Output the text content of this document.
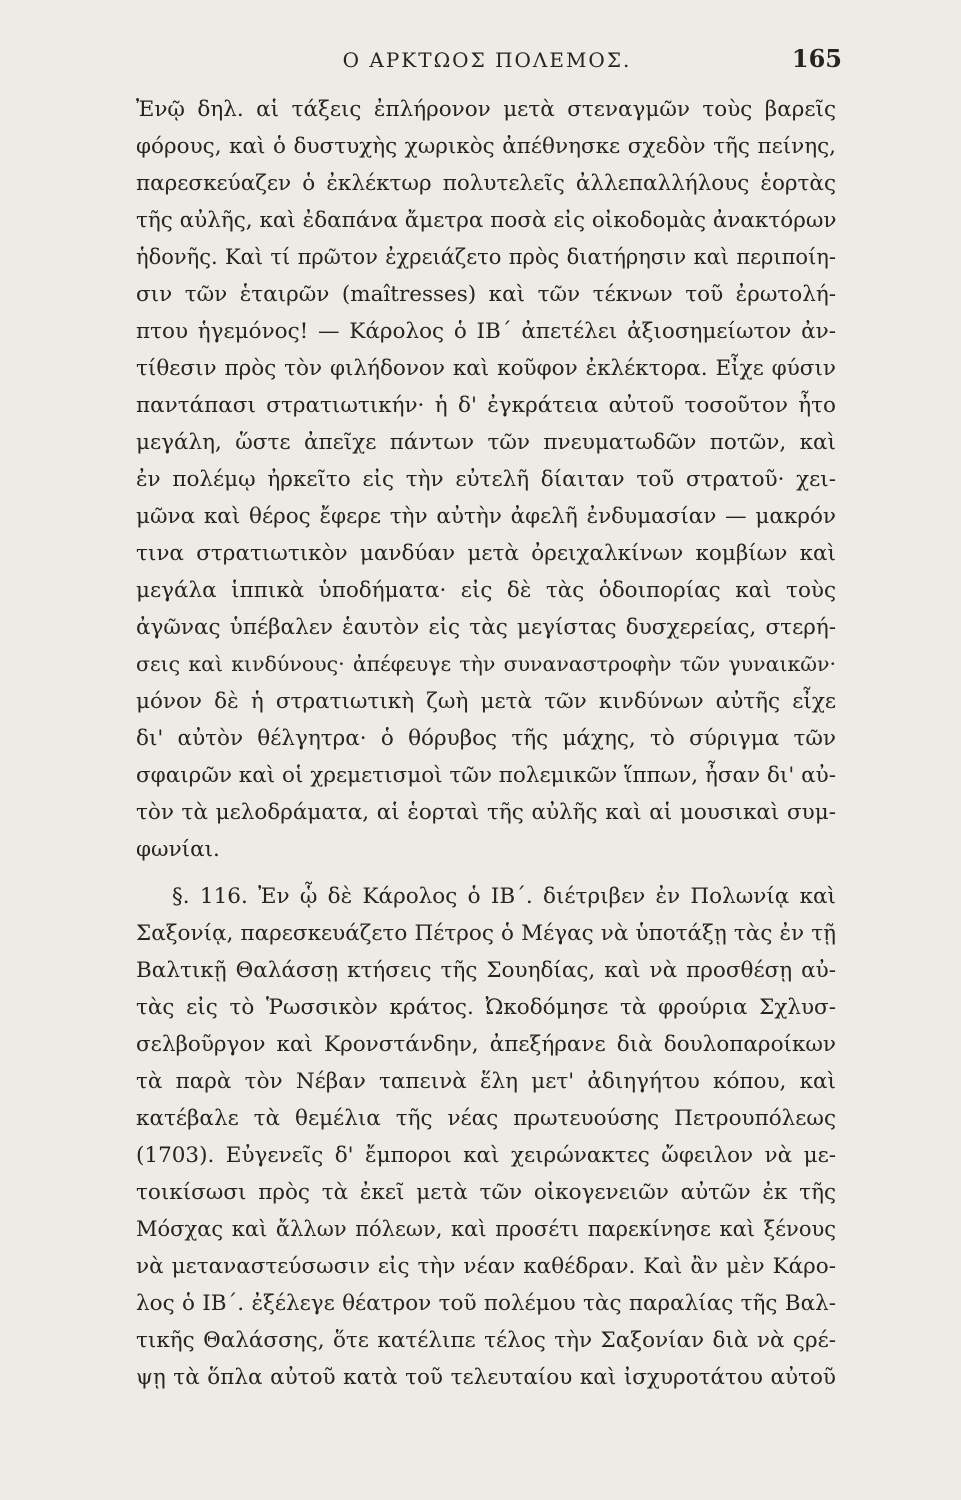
Ο ΑΡΚΤΩΟΣ ΠΟΛΕΜΟΣ.	165
Ἐνῷ δηλ. αἱ τάξεις ἐπλήρονον μετὰ στεναγμῶν τοὺς βαρεῖς
φόρους, καὶ ὁ δυστυχὴς χωρικὸς ἀπέθνησκε σχεδὸν τῆς πείνης,
παρεσκεύαζεν ὁ ἐκλέκτωρ πολυτελεῖς ἀλλεπαλλήλους ἑορτὰς
τῆς αὐλῆς, καὶ ἐδαπάνα ἄμετρα ποσὰ εἰς οἰκοδομὰς ἀνακτόρων
ἡδονῆς. Καὶ τί πρῶτον ἐχρειάζετο πρὸς διατήρησιν καὶ περιποίη-
σιν τῶν ἑταιρῶν (maîtresses) καὶ τῶν τέκνων τοῦ ἐρωτολή-
πτου ἡγεμόνος! — Κάρολος ὁ ΙΒ΄ ἀπετέλει ἀξιοσημείωτον ἀν-
τίθεσιν πρὸς τὸν φιλήδονον καὶ κοῦφον ἐκλέκτορα. Εἶχε φύσιν
παντάπασι στρατιωτικήν· ἡ δ' ἐγκράτεια αὐτοῦ τοσοῦτον ἦτο
μεγάλη, ὥστε ἀπεῖχε πάντων τῶν πνευματωδῶν ποτῶν, καὶ
ἐν πολέμῳ ἠρκεῖτο εἰς τὴν εὐτελῆ δίαιταν τοῦ στρατοῦ· χει-
μῶνα καὶ θέρος ἔφερε τὴν αὐτὴν ἀφελῆ ἐνδυμασίαν — μακρόν
τινα στρατιωτικὸν μανδύαν μετὰ ὀρειχαλκίνων κομβίων καὶ
μεγάλα ἱππικὰ ὑποδήματα· εἰς δὲ τὰς ὁδοιπορίας καὶ τοὺς
ἀγῶνας ὑπέβαλεν ἑαυτὸν εἰς τὰς μεγίστας δυσχερείας, στερή-
σεις καὶ κινδύνους· ἀπέφευγε τὴν συναναστροφὴν τῶν γυναικῶν·
μόνον δὲ ἡ στρατιωτικὴ ζωὴ μετὰ τῶν κινδύνων αὐτῆς εἶχε
δι' αὐτὸν θέλγητρα· ὁ θόρυβος τῆς μάχης, τὸ σύριγμα τῶν
σφαιρῶν καὶ οἱ χρεμετισμοὶ τῶν πολεμικῶν ἵππων, ἦσαν δι' αὐ-
τὸν τὰ μελοδράματα, αἱ ἑορταὶ τῆς αὐλῆς καὶ αἱ μουσικαὶ συμ-
φωνίαι.
§. 116. Ἐν ᾧ δὲ Κάρολος ὁ ΙΒ΄. διέτριβεν ἐν Πολωνίᾳ καὶ
Σαξονίᾳ, παρεσκευάζετο Πέτρος ὁ Μέγας νὰ ὑποτάξῃ τὰς ἐν τῇ
Βαλτικῇ Θαλάσσῃ κτήσεις τῆς Σουηδίας, καὶ νὰ προσθέσῃ αὐ-
τὰς εἰς τὸ Ῥωσσικὸν κράτος. Ὠκοδόμησε τὰ φρούρια Σχλυσ-
σελβοῦργον καὶ Κρονστάνδην, ἀπεξήρανε διὰ δουλοπαροίκων
τὰ παρὰ τὸν Νέβαν ταπεινὰ ἕλη μετ' ἀδιηγήτου κόπου, καὶ
κατέβαλε τὰ θεμέλια τῆς νέας πρωτευούσης Πετρουπόλεως
(1703). Εὐγενεῖς δ' ἔμποροι καὶ χειρώνακτες ὤφειλον νὰ με-
τοικίσωσι πρὸς τὰ ἐκεῖ μετὰ τῶν οἰκογενειῶν αὐτῶν ἐκ τῆς
Μόσχας καὶ ἄλλων πόλεων, καὶ προσέτι παρεκίνησε καὶ ξένους
νὰ μεταναστεύσωσιν εἰς τὴν νέαν καθέδραν. Καὶ ἂν μὲν Κάρο-
λος ὁ ΙΒ΄. ἐξέλεγε θέατρον τοῦ πολέμου τὰς παραλίας τῆς Βαλ-
τικῆς Θαλάσσης, ὅτε κατέλιπε τέλος τὴν Σαξονίαν διὰ νὰ ςρέ-
ψῃ τὰ ὅπλα αὐτοῦ κατὰ τοῦ τελευταίου καὶ ἰσχυροτάτου αὐτοῦ
